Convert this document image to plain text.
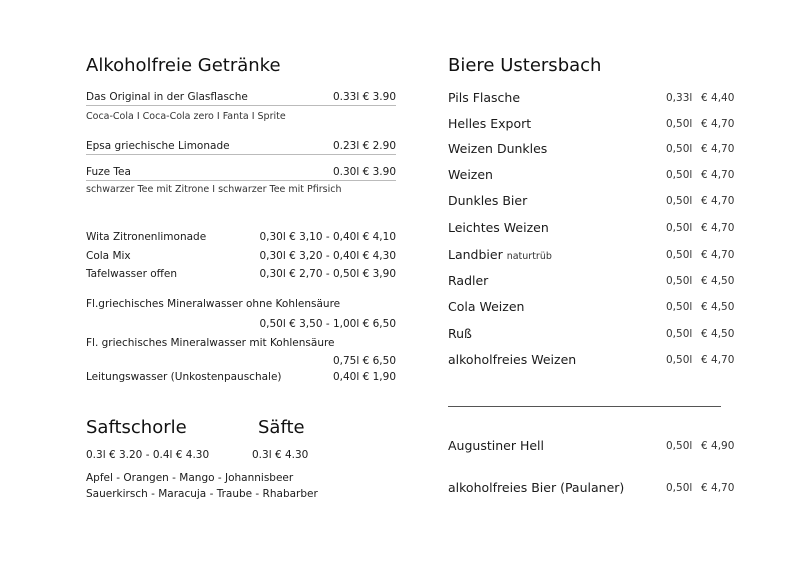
Alkoholfreie Getränke
Das Original in der Glasflasche	0.33l € 3.90
Coca-Cola I Coca-Cola zero I Fanta I Sprite
Epsa griechische Limonade	0.23l € 2.90
Fuze Tea	0.30l € 3.90
schwarzer Tee mit Zitrone I schwarzer Tee mit Pfirsich
Wita Zitronenlimonade	0,30l € 3,10 - 0,40l € 4,10
Cola Mix	0,30l € 3,20 - 0,40l € 4,30
Tafelwasser offen	0,30l € 2,70 - 0,50l € 3,90
Fl.griechisches Mineralwasser ohne Kohlensäure
0,50l € 3,50 - 1,00l € 6,50
Fl. griechisches Mineralwasser mit Kohlensäure
0,75l € 6,50
Leitungswasser (Unkostenpauschale)	0,40l € 1,90
Saftschorle	Säfte
0.3l € 3.20 - 0.4l € 4.30	0.3l € 4.30
Apfel - Orangen - Mango - Johannisbeer
Sauerkirsch - Maracuja - Traube - Rhabarber
Biere Ustersbach
Pils Flasche	0,33l € 4,40
Helles Export	0,50l € 4,70
Weizen Dunkles	0,50l € 4,70
Weizen	0,50l € 4,70
Dunkles Bier	0,50l € 4,70
Leichtes Weizen	0,50l € 4,70
Landbier naturtrüb	0,50l € 4,70
Radler	0,50l € 4,50
Cola Weizen	0,50l € 4,50
Ruß	0,50l € 4,50
alkoholfreies Weizen	0,50l € 4,70
Augustiner Hell	0,50l € 4,90
alkoholfreies Bier (Paulaner)	0,50l € 4,70
